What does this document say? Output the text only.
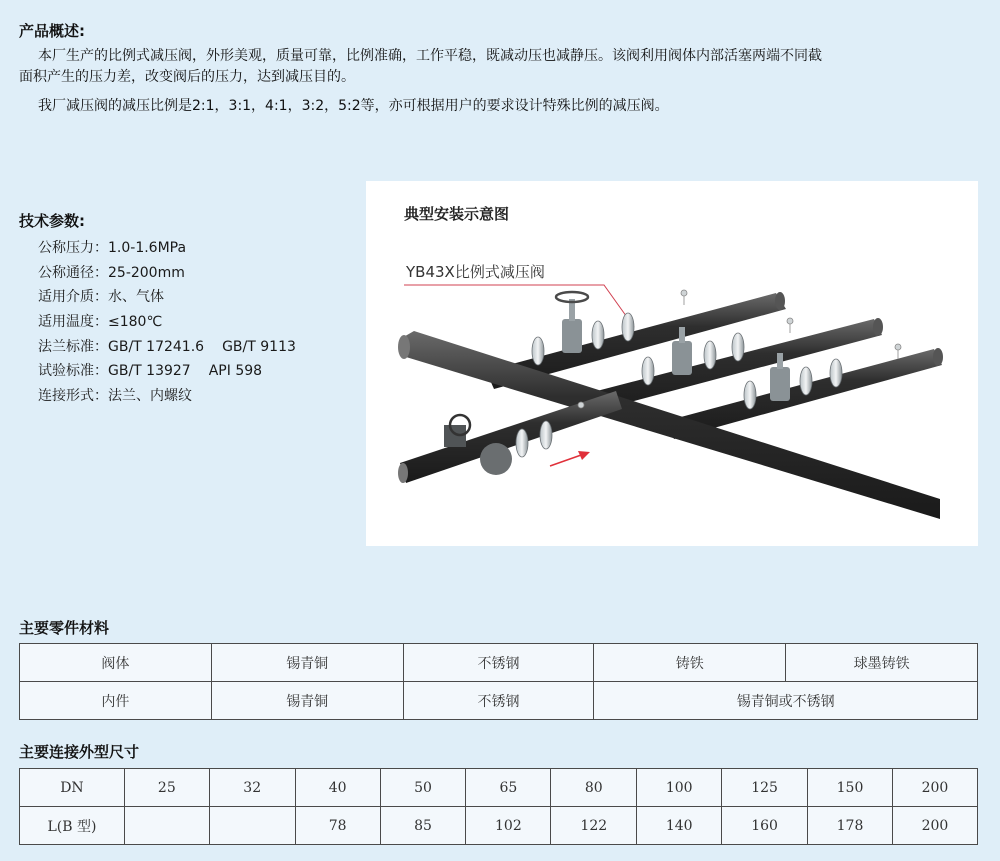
产品概述:
本厂生产的比例式减压阀，外形美观，质量可靠，比例准确，工作平稳，既减动压也减静压。该阀利用阀体内部活塞两端不同截
面积产生的压力差，改变阀后的压力，达到减压目的。
我厂减压阀的减压比例是2:1，3:1，4:1，3:2，5:2等，亦可根据用户的要求设计特殊比例的减压阀。
技术参数:
公称压力：1.0-1.6MPa
公称通径：25-200mm
适用介质：水、气体
适用温度：≤180℃
法兰标准：GB/T 17241.6 GB/T 9113
试验标准：GB/T 13927 API 598
连接形式：法兰、内螺纹
典型安装示意图
YB43X比例式减压阀
主要零件材料
阀体	锡青铜	不锈钢	铸铁	球墨铸铁
内件	锡青铜	不锈钢	锡青铜或不锈钢	
主要连接外型尺寸
DN	25	32	40	50	65	80	100	125	150	200
L(B 型)			78	85	102	122	140	160	178	200
